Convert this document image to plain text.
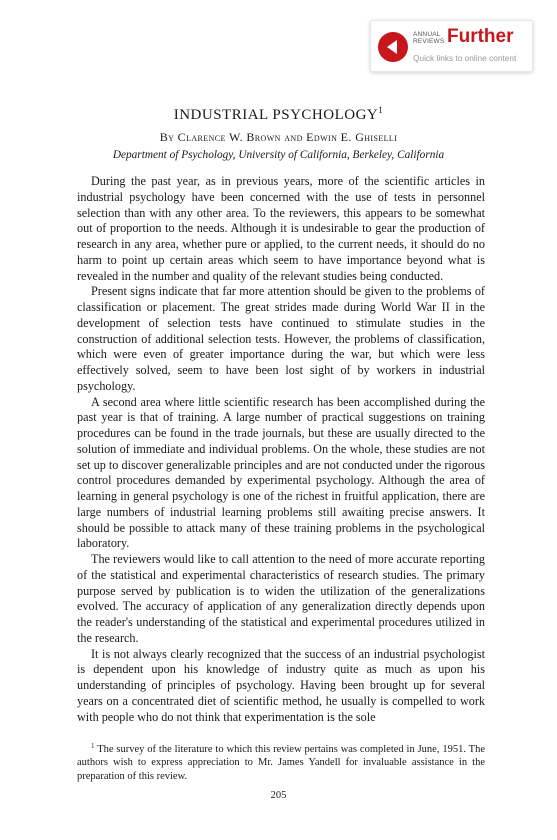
ANNUAL REVIEWS Further
Quick links to online content
INDUSTRIAL PSYCHOLOGY$^1$
By Clarence W. Brown and Edwin E. Ghiselli
Department of Psychology, University of California, Berkeley, California

During the past year, as in previous years, more of the scientific articles in industrial psychology have been concerned with the use of tests in personnel selection than with any other area. To the reviewers, this appears to be somewhat out of proportion to the needs. Although it is undesirable to gear the production of research in any area, whether pure or applied, to the current needs, it should do no harm to point up certain areas which seem to have importance beyond what is revealed in the number and quality of the relevant studies being conducted.

Present signs indicate that far more attention should be given to the problems of classification or placement. The great strides made during World War II in the development of selection tests have continued to stimulate studies in the construction of additional selection tests. However, the problems of classification, which were even of greater importance during the war, but which were less effectively solved, seem to have been lost sight of by workers in industrial psychology.

A second area where little scientific research has been accomplished during the past year is that of training. A large number of practical suggestions on training procedures can be found in the trade journals, but these are usually directed to the solution of immediate and individual problems. On the whole, these studies are not set up to discover generalizable principles and are not conducted under the rigorous control procedures demanded by experimental psychology. Although the area of learning in general psychology is one of the richest in fruitful application, there are large numbers of industrial learning problems still awaiting precise answers. It should be possible to attack many of these training problems in the psychological laboratory.

The reviewers would like to call attention to the need of more accurate reporting of the statistical and experimental characteristics of research studies. The primary purpose served by publication is to widen the utilization of the generalizations evolved. The accuracy of application of any generalization directly depends upon the reader's understanding of the statistical and experimental procedures utilized in the research.

It is not always clearly recognized that the success of an industrial psychologist is dependent upon his knowledge of industry quite as much as upon his understanding of principles of psychology. Having been brought up for several years on a concentrated diet of scientific method, he usually is compelled to work with people who do not think that experimentation is the sole

$^1$ The survey of the literature to which this review pertains was completed in June, 1951. The authors wish to express appreciation to Mr. James Yandell for invaluable assistance in the preparation of this review.

205
